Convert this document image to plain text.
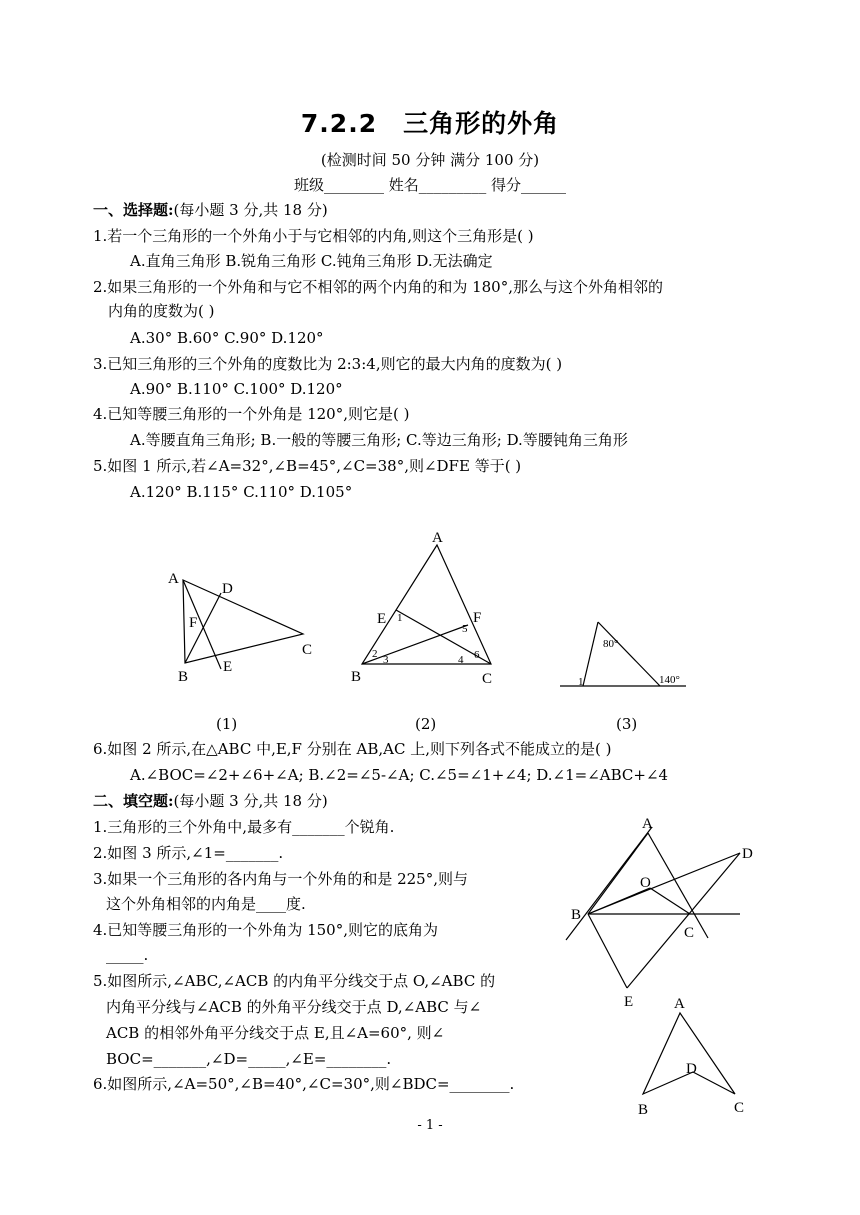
7.2.2　三角形的外角
(检测时间 50 分钟 满分 100 分)
班级________ 姓名_________ 得分______
一、选择题:(每小题 3 分,共 18 分)
1.若一个三角形的一个外角小于与它相邻的内角,则这个三角形是( )
A.直角三角形 B.锐角三角形 C.钝角三角形 D.无法确定
2.如果三角形的一个外角和与它不相邻的两个内角的和为 180°,那么与这个外角相邻的
内角的度数为( )
A.30° B.60° C.90° D.120°
3.已知三角形的三个外角的度数比为 2:3:4,则它的最大内角的度数为( )
A.90° B.110° C.100° D.120°
4.已知等腰三角形的一个外角是 120°,则它是( )
A.等腰直角三角形; B.一般的等腰三角形; C.等边三角形; D.等腰钝角三角形
5.如图 1 所示,若∠A=32°,∠B=45°,∠C=38°,则∠DFE 等于( )
A.120° B.115° C.110° D.105°
A
D
F
B
E
C
A
E	F
B	C
1
2 3	4
5
6
80°
1	140°
(1)	(2)	(3)
6.如图 2 所示,在△ABC 中,E,F 分别在 AB,AC 上,则下列各式不能成立的是( )
A.∠BOC=∠2+∠6+∠A; B.∠2=∠5-∠A; C.∠5=∠1+∠4; D.∠1=∠ABC+∠4
二、填空题:(每小题 3 分,共 18 分)
1.三角形的三个外角中,最多有_______个锐角.
2.如图 3 所示,∠1=_______.
3.如果一个三角形的各内角与一个外角的和是 225°,则与
这个外角相邻的内角是____度.
4.已知等腰三角形的一个外角为 150°,则它的底角为
_____.
5.如图所示,∠ABC,∠ACB 的内角平分线交于点 O,∠ABC 的
内角平分线与∠ACB 的外角平分线交于点 D,∠ABC 与∠
ACB 的相邻外角平分线交于点 E,且∠A=60°, 则∠
BOC=_______,∠D=_____,∠E=________.
6.如图所示,∠A=50°,∠B=40°,∠C=30°,则∠BDC=________.
A
D
O
B
C
E	A
D
B	C
- 1 -
